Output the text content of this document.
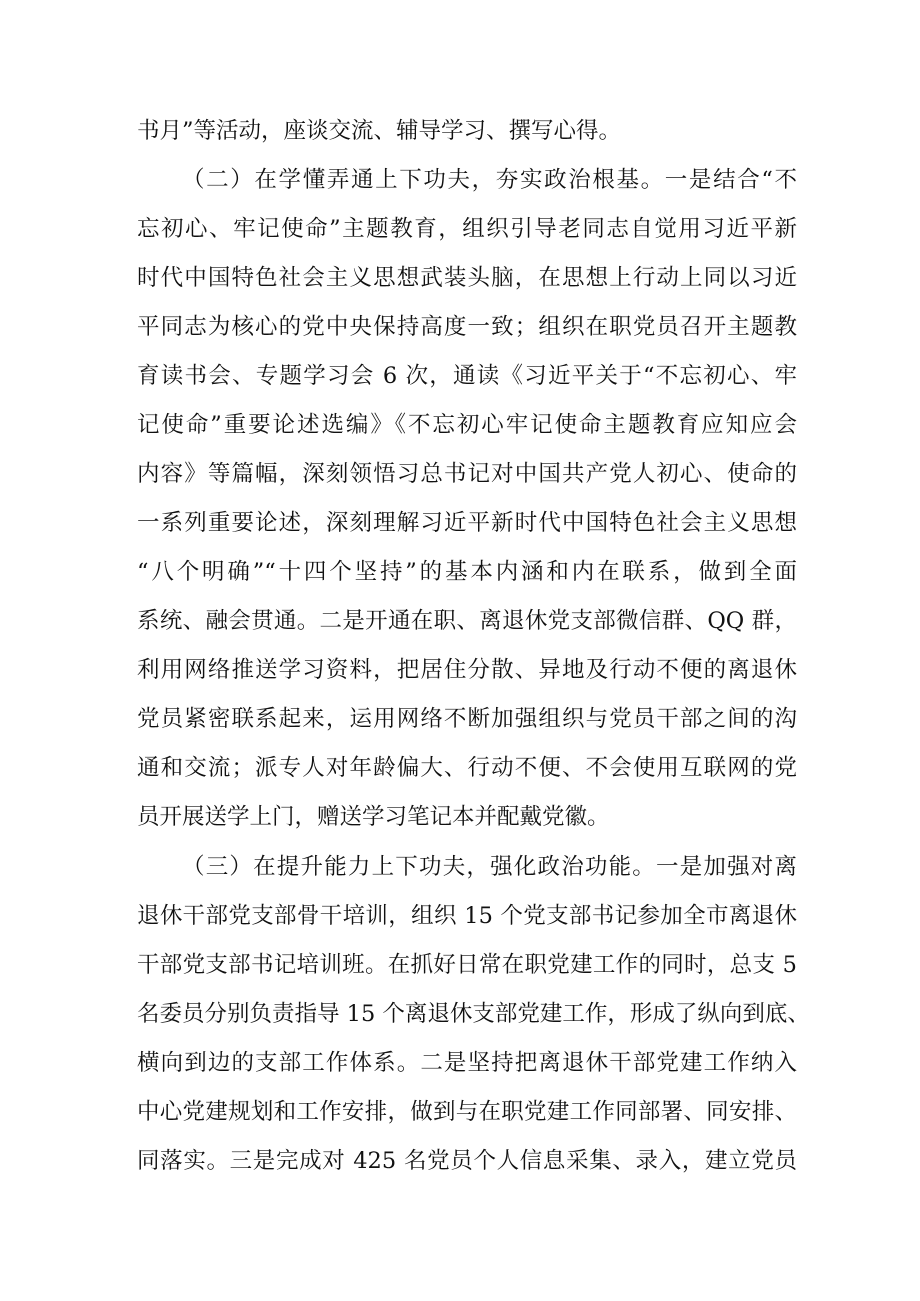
书月”等活动，座谈交流、辅导学习、撰写心得。

（二）在学懂弄通上下功夫，夯实政治根基。一是结合“不

忘初心、牢记使命”主题教育，组织引导老同志自觉用习近平新

时代中国特色社会主义思想武装头脑，在思想上行动上同以习近

平同志为核心的党中央保持高度一致；组织在职党员召开主题教

育读书会、专题学习会 6 次，通读《习近平关于“不忘初心、牢

记使命”重要论述选编》《不忘初心牢记使命主题教育应知应会

内容》等篇幅，深刻领悟习总书记对中国共产党人初心、使命的

一系列重要论述，深刻理解习近平新时代中国特色社会主义思想

“八个明确”“十四个坚持”的基本内涵和内在联系，做到全面

系统、融会贯通。二是开通在职、离退休党支部微信群、QQ 群，

利用网络推送学习资料，把居住分散、异地及行动不便的离退休

党员紧密联系起来，运用网络不断加强组织与党员干部之间的沟

通和交流；派专人对年龄偏大、行动不便、不会使用互联网的党

员开展送学上门，赠送学习笔记本并配戴党徽。

（三）在提升能力上下功夫，强化政治功能。一是加强对离

退休干部党支部骨干培训，组织 15 个党支部书记参加全市离退休

干部党支部书记培训班。在抓好日常在职党建工作的同时，总支 5

名委员分别负责指导 15 个离退休支部党建工作，形成了纵向到底、

横向到边的支部工作体系。二是坚持把离退休干部党建工作纳入

中心党建规划和工作安排，做到与在职党建工作同部署、同安排、

同落实。三是完成对 425 名党员个人信息采集、录入，建立党员
